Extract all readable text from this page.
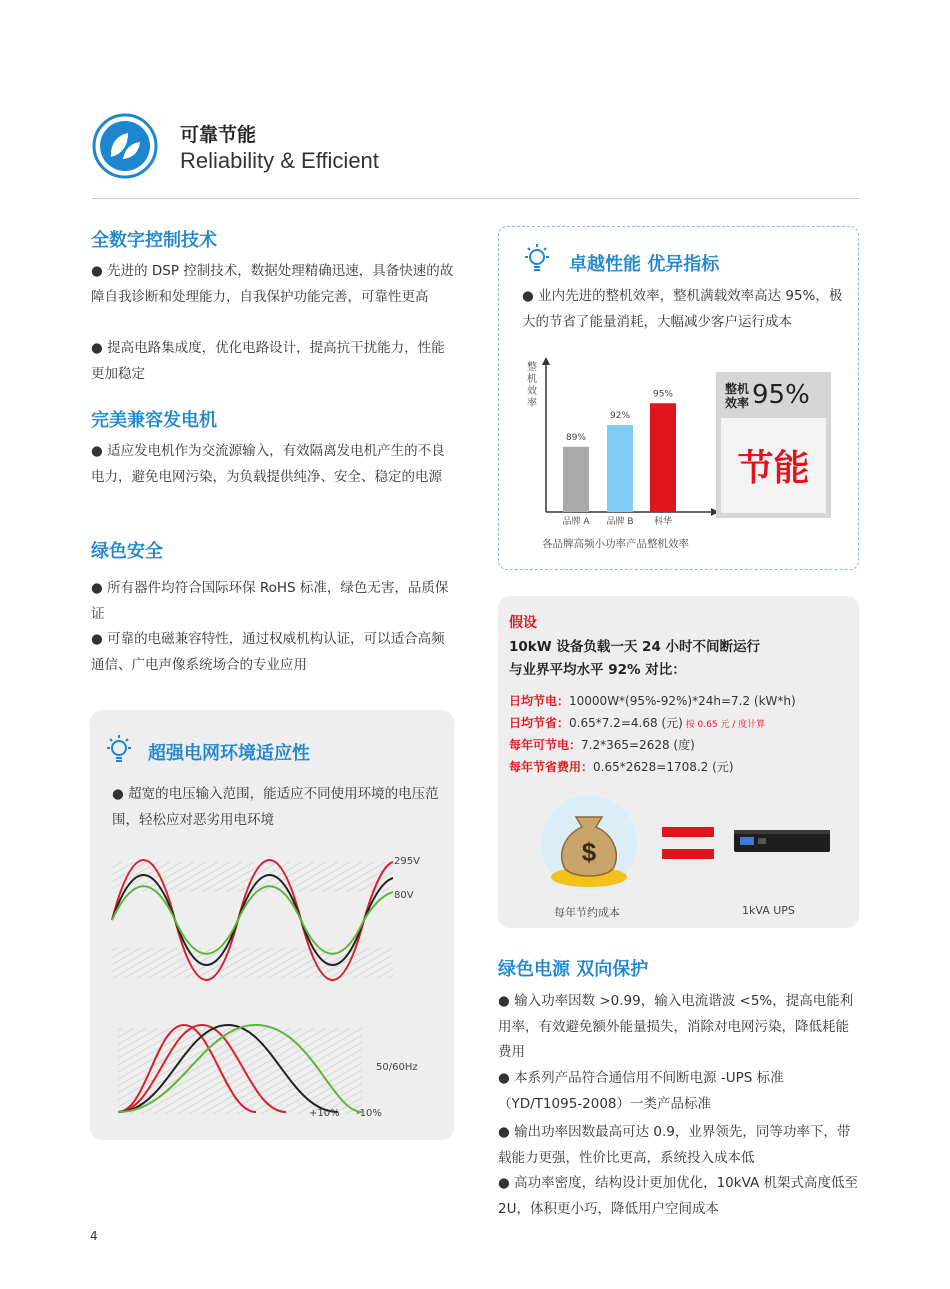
可靠节能
Reliability & Efficient
全数字控制技术
● 先进的 DSP 控制技术，数据处理精确迅速，具备快速的故障自我诊断和处理能力，自我保护功能完善，可靠性更高
● 提高电路集成度，优化电路设计，提高抗干扰能力，性能更加稳定
完美兼容发电机
● 适应发电机作为交流源输入，有效隔离发电机产生的不良电力，避免电网污染，为负载提供纯净、安全、稳定的电源
绿色安全
● 所有器件均符合国际环保 RoHS 标准，绿色无害，品质保证
● 可靠的电磁兼容特性，通过权威机构认证，可以适合高频通信、广电声像系统场合的专业应用
超强电网环境适应性
● 超宽的电压输入范围，能适应不同使用环境的电压范围，轻松应对恶劣用电环境
295V
80V
50/60Hz
+10% -10%
卓越性能 优异指标
● 业内先进的整机效率，整机满载效率高达 95%，极大的节省了能量消耗，大幅减少客户运行成本
89%
品牌 A
92%
品牌 B
95%
科华
整机效率
各品牌高频小功率产品整机效率
整机效率 95%
节能
假设
10kW 设备负载一天 24 小时不间断运行
与业界平均水平 92% 对比：
日均节电：10000W*(95%-92%)*24h=7.2 (kW*h)
日均节省：0.65*7.2=4.68 (元) 按 0.65 元 / 度计算
每年可节电：7.2*365=2628 (度)
每年节省费用：0.65*2628=1708.2 (元)
$
每年节约成本	1kVA UPS
绿色电源 双向保护
● 输入功率因数 >0.99，输入电流谐波 <5%，提高电能利用率，有效避免额外能量损失，消除对电网污染，降低耗能费用
● 本系列产品符合通信用不间断电源 -UPS 标准（YD/T1095-2008）一类产品标准
● 输出功率因数最高可达 0.9，业界领先，同等功率下，带载能力更强，性价比更高，系统投入成本低
● 高功率密度，结构设计更加优化，10kVA 机架式高度低至 2U，体积更小巧，降低用户空间成本
4
